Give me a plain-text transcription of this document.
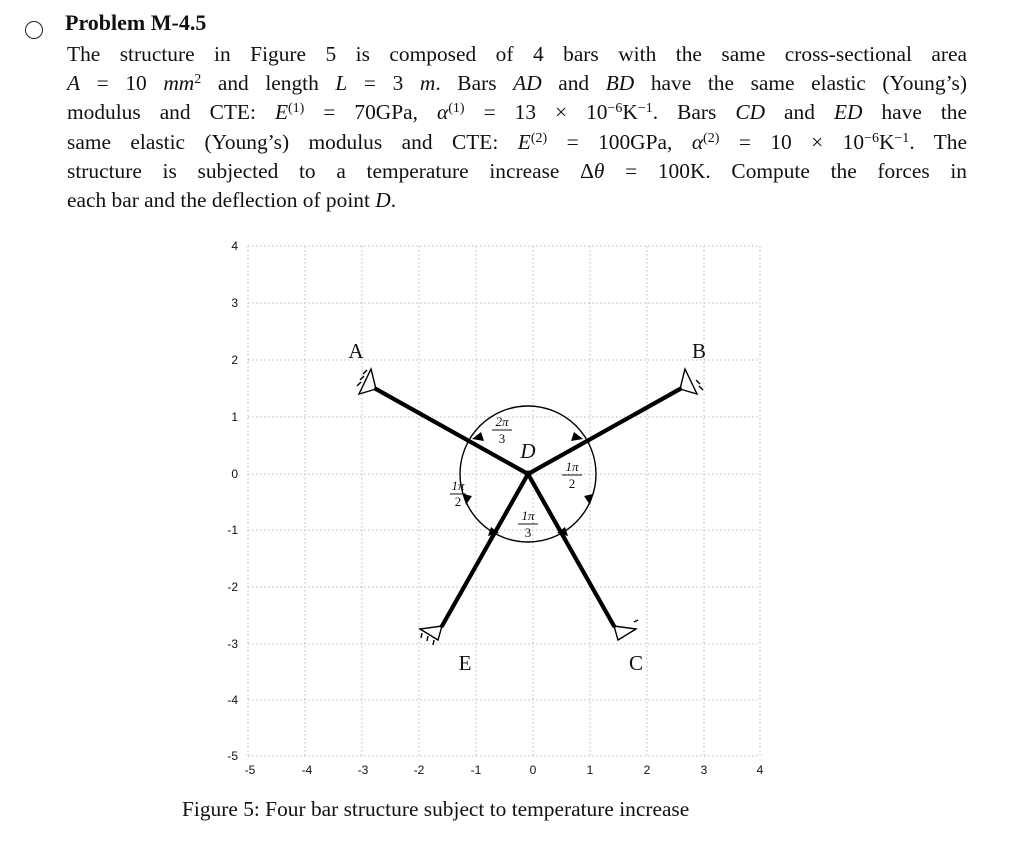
Problem M-4.5
The structure in Figure 5 is composed of 4 bars with the same cross-sectional area
A = 10 $mm^2$ and length L = 3 m. Bars AD and BD have the same elastic (Young’s)
modulus and CTE: $E^{(1)} = 70GPa$, $\alpha^{(1)} = 13 \times 10^{-6}K^{-1}$. Bars CD and ED have the
same elastic (Young’s) modulus and CTE: $E^{(2)} = 100GPa$, $\alpha^{(2)} = 10 \times 10^{-6}K^{-1}$. The
structure is subjected to a temperature increase Δθ = 100K. Compute the forces in
each bar and the deflection of point D.
4
3
2
1
0
-1
-2
-3
-4
-5
-5	-4	-3	-2	-1	0	1	2	3	4
A	B
C
E
D
2π
3
1π
2
1π
2
1π
3
Figure 5: Four bar structure subject to temperature increase
